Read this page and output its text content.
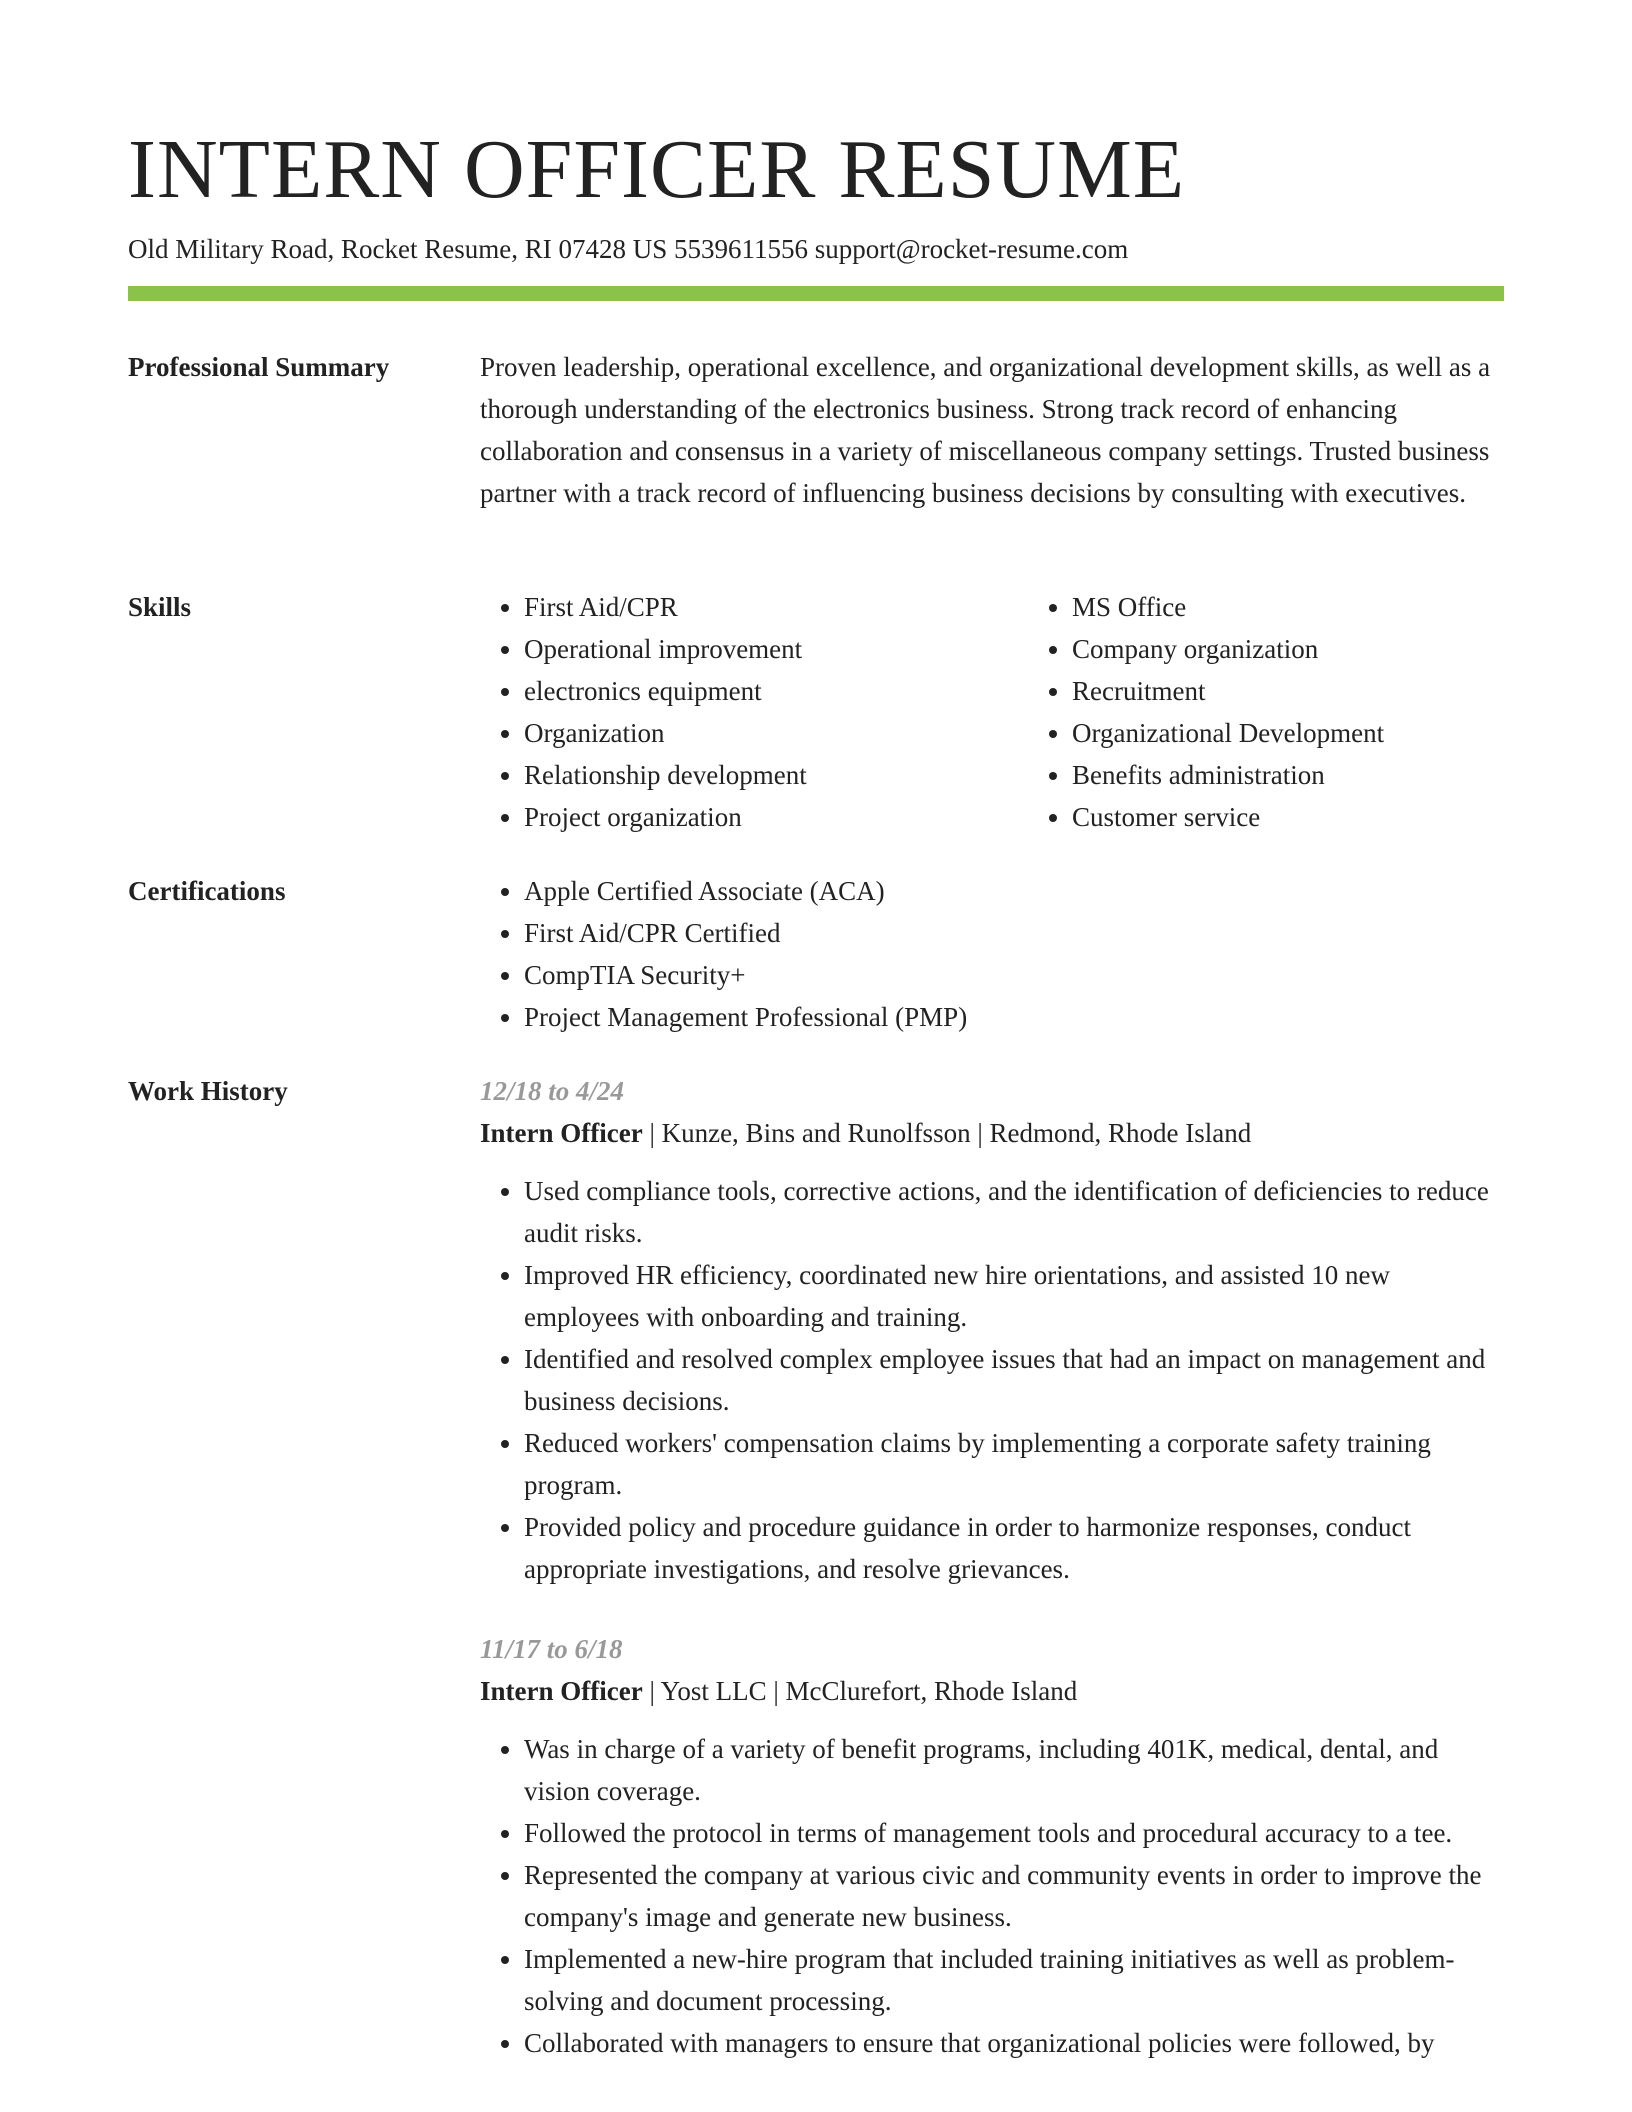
INTERN OFFICER RESUME
Old Military Road, Rocket Resume, RI 07428 US 5539611556 support@rocket-resume.com
Professional Summary	Proven leadership, operational excellence, and organizational development skills, as well as a thorough understanding of the electronics business. Strong track record of enhancing collaboration and consensus in a variety of miscellaneous company settings. Trusted business partner with a track record of influencing business decisions by consulting with executives.

Skills	• First Aid/CPR
• Operational improvement
• electronics equipment
• Organization
• Relationship development
• Project organization
• MS Office
• Company organization
• Recruitment
• Organizational Development
• Benefits administration
• Customer service
Certifications	• Apple Certified Associate (ACA)
• First Aid/CPR Certified
• CompTIA Security+
• Project Management Professional (PMP)
Work History	12/18 to 4/24
Intern Officer | Kunze, Bins and Runolfsson | Redmond, Rhode Island
• Used compliance tools, corrective actions, and the identification of deficiencies to reduce audit risks.
• Improved HR efficiency, coordinated new hire orientations, and assisted 10 new employees with onboarding and training.
• Identified and resolved complex employee issues that had an impact on management and business decisions.
• Reduced workers' compensation claims by implementing a corporate safety training program.
• Provided policy and procedure guidance in order to harmonize responses, conduct appropriate investigations, and resolve grievances.
11/17 to 6/18
Intern Officer | Yost LLC | McClurefort, Rhode Island
• Was in charge of a variety of benefit programs, including 401K, medical, dental, and vision coverage.
• Followed the protocol in terms of management tools and procedural accuracy to a tee.
• Represented the company at various civic and community events in order to improve the company's image and generate new business.
• Implemented a new-hire program that included training initiatives as well as problem-solving and document processing.
• Collaborated with managers to ensure that organizational policies were followed, by
